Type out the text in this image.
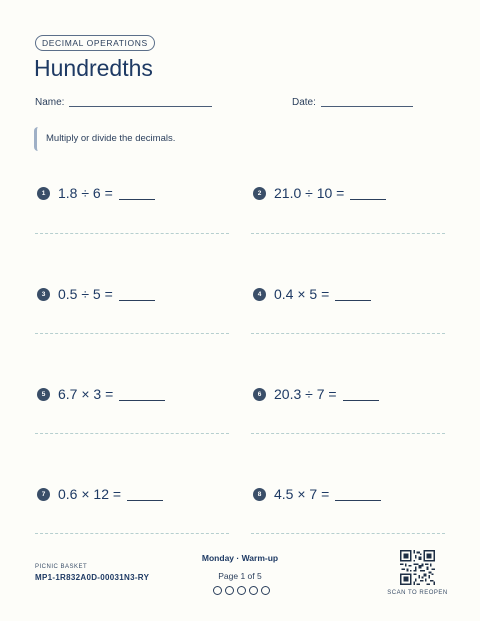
DECIMAL OPERATIONS
Hundredths
Name:	Date:
Multiply or divide the decimals.
1 1.8 ÷ 6 =	2 21.0 ÷ 10 =
3 0.5 ÷ 5 =	4 0.4 × 5 =
5 6.7 × 3 =	6 20.3 ÷ 7 =
7 0.6 × 12 =	8 4.5 × 7 =
PICNIC BASKET
MP1-1R832A0D-00031N3-RY
Monday · Warm-up
Page 1 of 5
SCAN TO REOPEN
